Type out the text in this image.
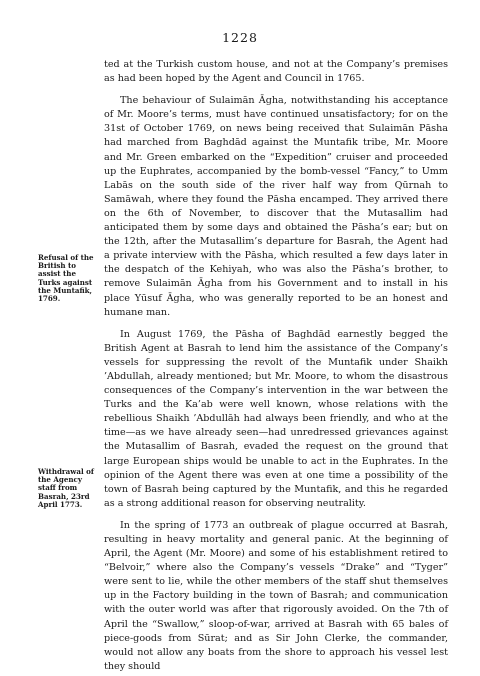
1228

ted at the Turkish custom house, and not at the Company’s premises as had been hoped by the Agent and Council in 1765.

The behaviour of Sulaimān Āgha, notwithstanding his acceptance of Mr. Moore’s terms, must have continued unsatisfactory; for on the 31st of October 1769, on news being received that Sulaimān Pāsha had marched from Baghdād against the Muntafik tribe, Mr. Moore and Mr. Green embarked on the “Expedition” cruiser and proceeded up the Euphrates, accompanied by the bomb-vessel “Fancy,” to Umm Labās on the south side of the river half way from Qūrnah to Samāwah, where they found the Pāsha encamped. They arrived there on the 6th of November, to discover that the Mutasallim had anticipated them by some days and obtained the Pāsha’s ear; but on the 12th, after the Mutasallim’s departure for Basrah, the Agent had a private interview with the Pāsha, which resulted a few days later in the despatch of the Kehiyah, who was also the Pāsha’s brother, to remove Sulaimān Āgha from his Government and to install in his place Yūsuf Āgha, who was generally reported to be an honest and humane man.

In August 1769, the Pāsha of Baghdād earnestly begged the British Agent at Basrah to lend him the assistance of the Company’s vessels for suppressing the revolt of the Muntafik under Shaikh ’Abdullah, already mentioned; but Mr. Moore, to whom the disastrous consequences of the Company’s intervention in the war between the Turks and the Ka’ab were well known, whose relations with the rebellious Shaikh ’Abdullāh had always been friendly, and who at the time—as we have already seen—had unredressed grievances against the Mutasallim of Basrah, evaded the request on the ground that large European ships would be unable to act in the Euphrates. In the opinion of the Agent there was even at one time a possibility of the town of Basrah being captured by the Muntafik, and this he regarded as a strong additional reason for observing neutrality.

In the spring of 1773 an outbreak of plague occurred at Basrah, resulting in heavy mortality and general panic. At the beginning of April, the Agent (Mr. Moore) and some of his establishment retired to “Belvoir,” where also the Company’s vessels “Drake” and “Tyger” were sent to lie, while the other members of the staff shut themselves up in the Factory building in the town of Basrah; and communication with the outer world was after that rigorously avoided. On the 7th of April the “Swallow,” sloop-of-war, arrived at Basrah with 65 bales of piece-goods from Sūrat; and as Sir John Clerke, the commander, would not allow any boats from the shore to approach his vessel lest they should

Refusal of the British to assist the Turks against the Muntafik, 1769.
Withdrawal of the Agency staff from Basrah, 23rd April 1773.
